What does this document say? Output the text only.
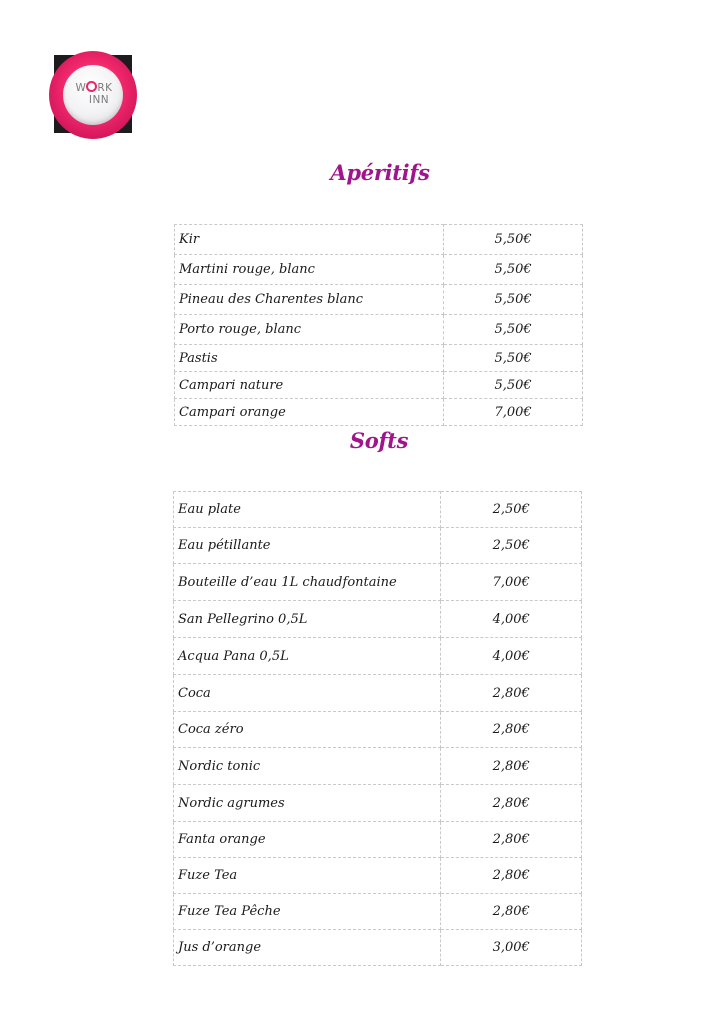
W RK
INN
Apéritifs
Kir	5,50€
Martini rouge, blanc	5,50€
Pineau des Charentes blanc	5,50€
Porto rouge, blanc	5,50€
Pastis	5,50€
Campari nature	5,50€
Campari orange	7,00€
Softs
Eau plate	2,50€
Eau pétillante	2,50€
Bouteille d’eau 1L chaudfontaine	7,00€
San Pellegrino 0,5L	4,00€
Acqua Pana 0,5L	4,00€
Coca	2,80€
Coca zéro	2,80€
Nordic tonic	2,80€
Nordic agrumes	2,80€
Fanta orange	2,80€
Fuze Tea	2,80€
Fuze Tea Pêche	2,80€
Jus d’orange	3,00€
